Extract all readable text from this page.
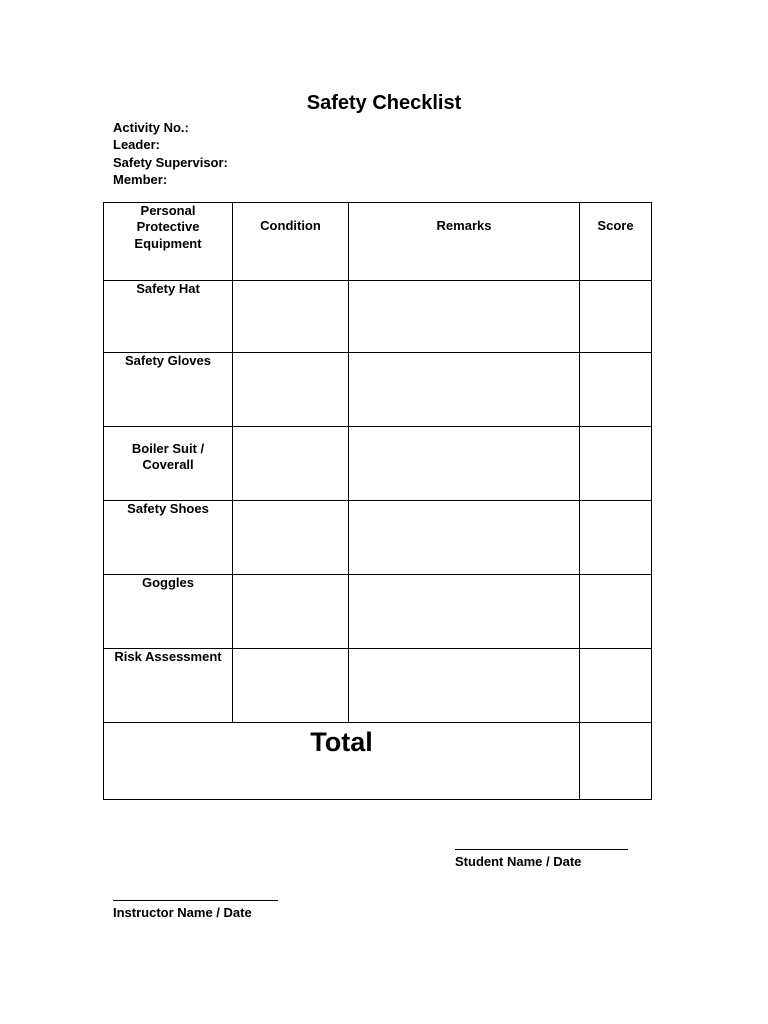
Safety Checklist
Activity No.:
Leader:
Safety Supervisor:
Member:
Personal Protective Equipment	Condition	Remarks	Score

Safety Hat			

Safety Gloves			

Boiler Suit / Coverall			

Safety Shoes			

Goggles			

Risk Assessment			

Total			

Student Name / Date
Instructor Name / Date
